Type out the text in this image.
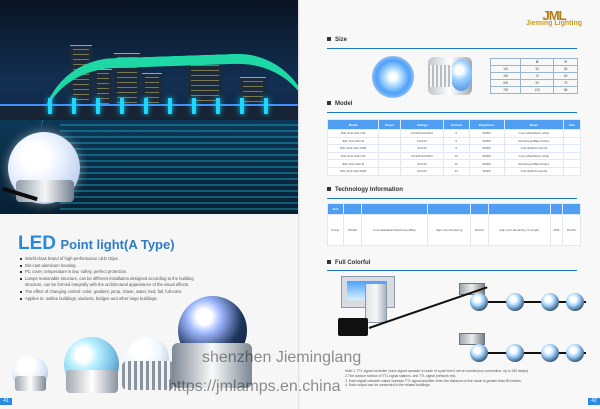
LED Point light(A Type)
World-class brand of high-performance LED chips.
Die-cast aluminum housing.
PC cover, temperature is low, safety, perfect protection.
Lamps reasonable structure, can be different installation designed according to the building structure, can be formed integrally with the architectural appearance of the visual effects.
The effect of changing control: color, gradient, jump, chase, water, bed, fall, full-color.
Applies to: outline buildings, viaducts, bridges and other large buildings.
41
JML
Jieming Lighting
Size
	Ø	H
1W	50	58
3W	70	65
5W	90	75
7W	120	88
Model
Model	Power	Voltage	Current	Brightness	Beam	Size
JML-XLD-A01-CW		DC24V/AC220V	6	SMD5	Cool white/Warm white	
JML-XLD-A01-R		DC24V	6	SMD5	Red/Green/Blue/Yellow	
JML-XLD-A01-RGB		DC24V	6	SMD5	Colorful/Full colorful	
JML-XLD-A02-CW		DC24V/AC220V	12	SMD5	Cool white/Warm white	
JML-XLD-A02-R		DC24V	12	SMD5	Red/Green/Blue/Yellow	
JML-XLD-A02-RGB		DC24V	12	SMD5	Colorful/Full colorful	
Technology Information
Item							
Power	1W/3W	Cool white/Red/Yellow/Green/Blue	High color Rendering	DC24V	High color Rendering, Cool light	IP66	DC24V
Full Colorful
Note:1. TTL signal controller (each signal cascade is made of a part line it set of counted pcs connection, up to 150 lamps).
2.The outdoor section of TTL signal stations, and TTL signal (network etc).
3. Each signal cascade output increase TTL signal amplifier when the distance of fine mode is greater than 80 meters.
4. Each output can be connected to the related buildings.
42
shenzhen Jieminglang
https://jmlamps.en.china
